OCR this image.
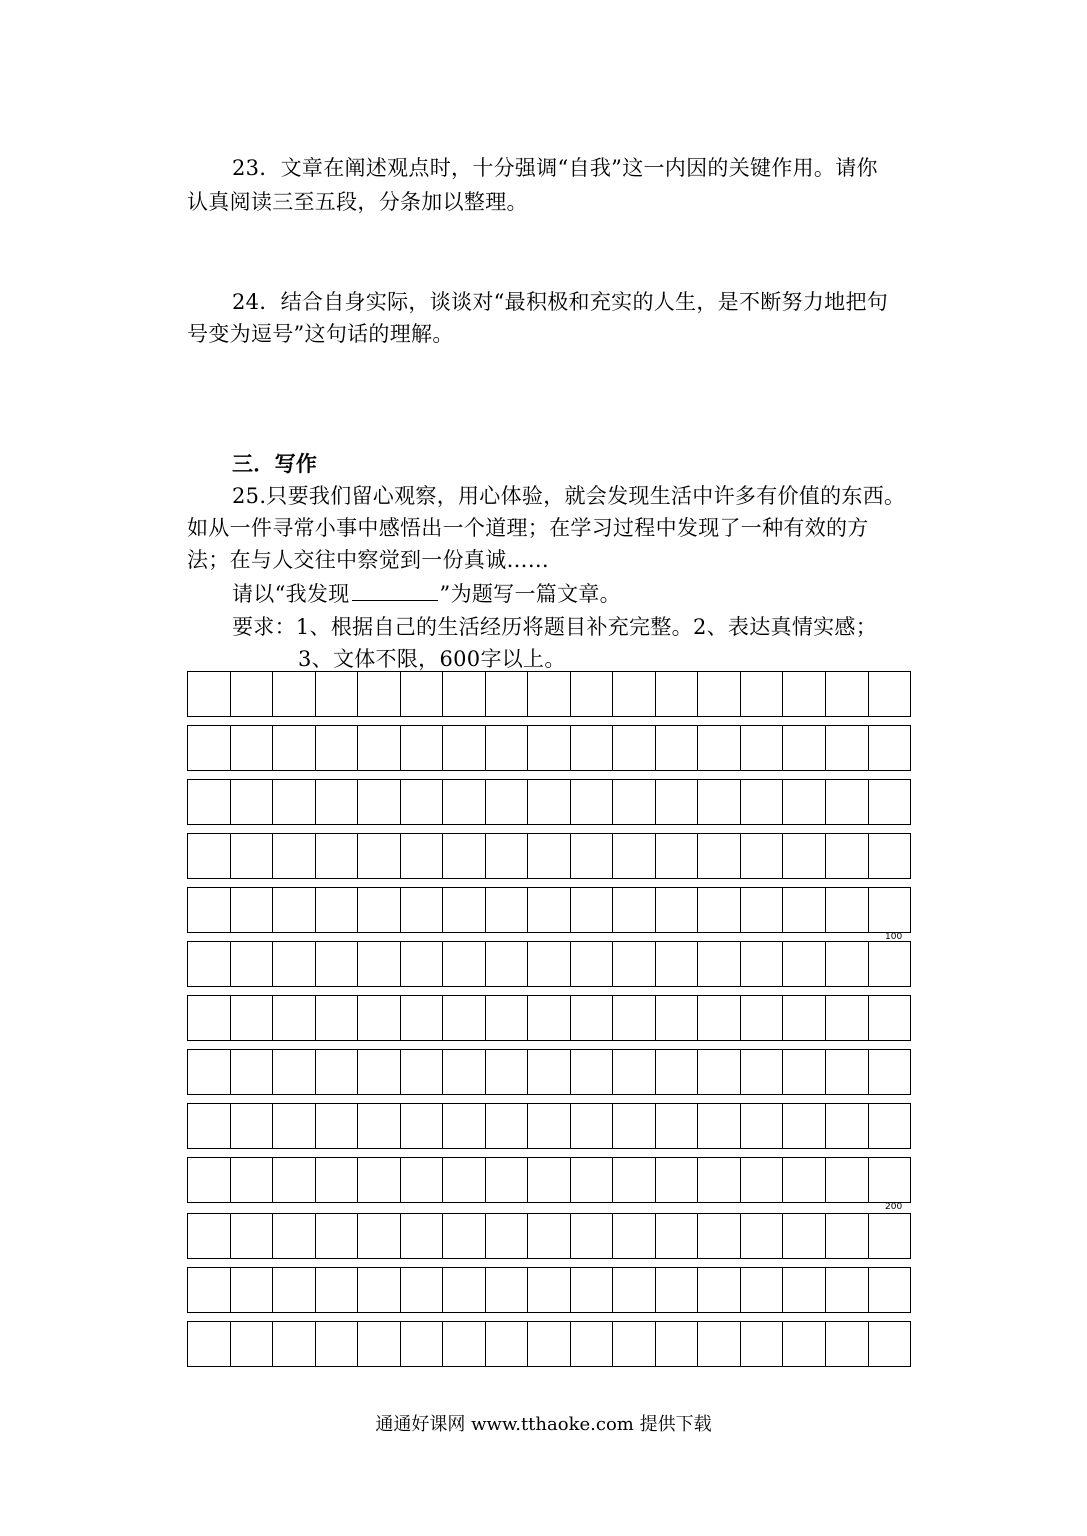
23．文章在阐述观点时，十分强调“自我”这一内因的关键作用。请你
认真阅读三至五段，分条加以整理。
24．结合自身实际，谈谈对“最积极和充实的人生，是不断努力地把句
号变为逗号”这句话的理解。
三．写作
25.只要我们留心观察，用心体验，就会发现生活中许多有价值的东西。
如从一件寻常小事中感悟出一个道理；在学习过程中发现了一种有效的方
法；在与人交往中察觉到一份真诚……
请以“我发现	”为题写一篇文章。
要求：1、根据自己的生活经历将题目补充完整。2、表达真情实感；
3、文体不限，600字以上。
100
200
通通好课网 www.tthaoke.com 提供下载
